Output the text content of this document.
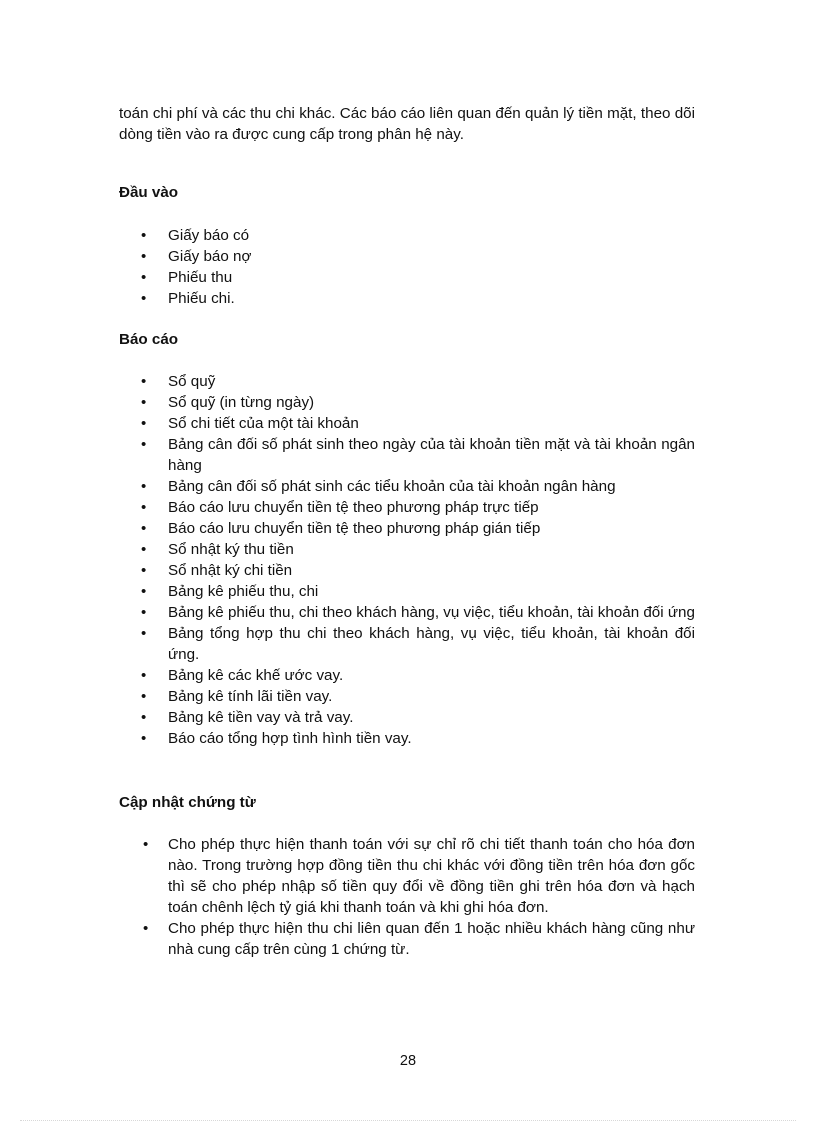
toán chi phí và các thu chi khác. Các báo cáo liên quan đến quản lý tiền mặt, theo dõi dòng tiền vào ra được cung cấp trong phân hệ này.
Đầu vào
• Giấy báo có
• Giấy báo nợ
• Phiếu thu
• Phiếu chi.
Báo cáo
• Sổ quỹ
• Sổ quỹ (in từng ngày)
• Sổ chi tiết của một tài khoản
• Bảng cân đối số phát sinh theo ngày của tài khoản tiền mặt và tài khoản ngân hàng
• Bảng cân đối số phát sinh các tiểu khoản của tài khoản ngân hàng
• Báo cáo lưu chuyển tiền tệ theo phương pháp trực tiếp
• Báo cáo lưu chuyển tiền tệ theo phương pháp gián tiếp
• Sổ nhật ký thu tiền
• Sổ nhật ký chi tiền
• Bảng kê phiếu thu, chi
• Bảng kê phiếu thu, chi theo khách hàng, vụ việc, tiểu khoản, tài khoản đối ứng
• Bảng tổng hợp thu chi theo khách hàng, vụ việc, tiểu khoản, tài khoản đối ứng.
• Bảng kê các khế ước vay.
• Bảng kê tính lãi tiền vay.
• Bảng kê tiền vay và trả vay.
• Báo cáo tổng hợp tình hình tiền vay.
Cập nhật chứng từ
• Cho phép thực hiện thanh toán với sự chỉ rõ chi tiết thanh toán cho hóa đơn nào. Trong trường hợp đồng tiền thu chi khác với đồng tiền trên hóa đơn gốc thì sẽ cho phép nhập số tiền quy đổi về đồng tiền ghi trên hóa đơn và hạch toán chênh lệch tỷ giá khi thanh toán và khi ghi hóa đơn.
• Cho phép thực hiện thu chi liên quan đến 1 hoặc nhiều khách hàng cũng như nhà cung cấp trên cùng 1 chứng từ.
28
